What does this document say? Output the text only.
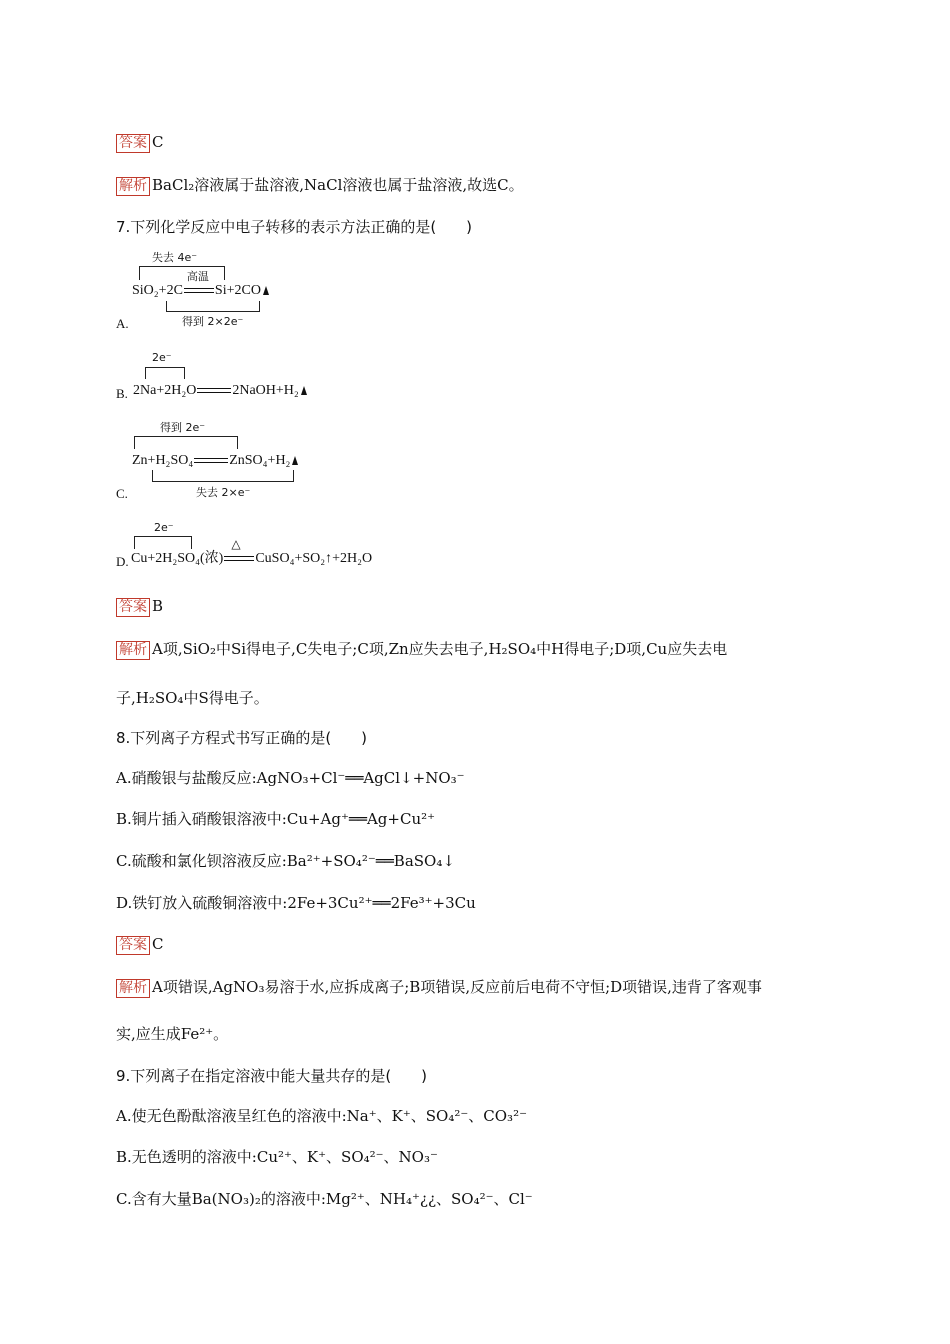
答案 C
解析 BaCl₂溶液属于盐溶液,NaCl溶液也属于盐溶液,故选C。
7.下列化学反应中电子转移的表示方法正确的是(　　)
失去 4e⁻
SiO₂+2C
高温
Si+2CO
得到 2×2e⁻
A.
2e⁻
B. 2Na+2H₂O	2NaOH+H₂
得到 2e⁻
Zn+H₂SO₄	ZnSO₄+H₂
失去 2×e⁻
C.
2e⁻
D. Cu+2H₂SO₄(浓)
△
CuSO₄+SO₂↑+2H₂O
答案 B
解析 A项,SiO₂中Si得电子,C失电子;C项,Zn应失去电子,H₂SO₄中H得电子;D项,Cu应失去电
子,H₂SO₄中S得电子。
8.下列离子方程式书写正确的是(　　)
A.硝酸银与盐酸反应:AgNO₃+Cl⁻══AgCl↓+NO₃⁻
B.铜片插入硝酸银溶液中:Cu+Ag⁺══Ag+Cu²⁺
C.硫酸和氯化钡溶液反应:Ba²⁺+SO₄²⁻══BaSO₄↓
D.铁钉放入硫酸铜溶液中:2Fe+3Cu²⁺══2Fe³⁺+3Cu
答案 C
解析 A项错误,AgNO₃易溶于水,应拆成离子;B项错误,反应前后电荷不守恒;D项错误,违背了客观事
实,应生成Fe²⁺。
9.下列离子在指定溶液中能大量共存的是(　　)
A.使无色酚酞溶液呈红色的溶液中:Na⁺、K⁺、SO₄²⁻、CO₃²⁻
B.无色透明的溶液中:Cu²⁺、K⁺、SO₄²⁻、NO₃⁻
C.含有大量Ba(NO₃)₂的溶液中:Mg²⁺、NH₄⁺¿¿、SO₄²⁻、Cl⁻
